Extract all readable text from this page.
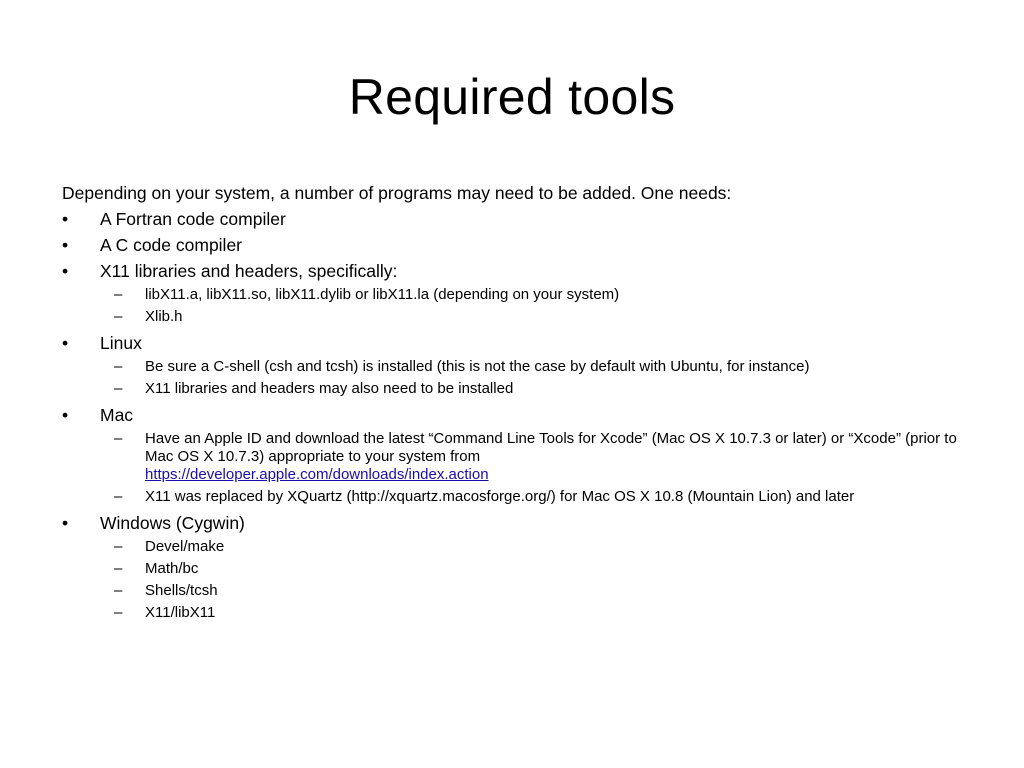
Required tools

Depending on your system, a number of programs may need to be added. One needs:

•	A Fortran code compiler
•	A C code compiler
•	X11 libraries and headers, specifically:
– libX11.a, libX11.so, libX11.dylib or libX11.la (depending on your system)
– Xlib.h
•	Linux
– Be sure a C-shell (csh and tcsh) is installed (this is not the case by default with Ubuntu, for instance)
– X11 libraries and headers may also need to be installed
•	Mac
– Have an Apple ID and download the latest “Command Line Tools for Xcode” (Mac OS X 10.7.3 or later) or “Xcode” (prior to Mac OS X 10.7.3) appropriate to your system from
https://developer.apple.com/downloads/index.action
– X11 was replaced by XQuartz (http://xquartz.macosforge.org/) for Mac OS X 10.8 (Mountain Lion) and later
•	Windows (Cygwin)
– Devel/make
– Math/bc
– Shells/tcsh
– X11/libX11
